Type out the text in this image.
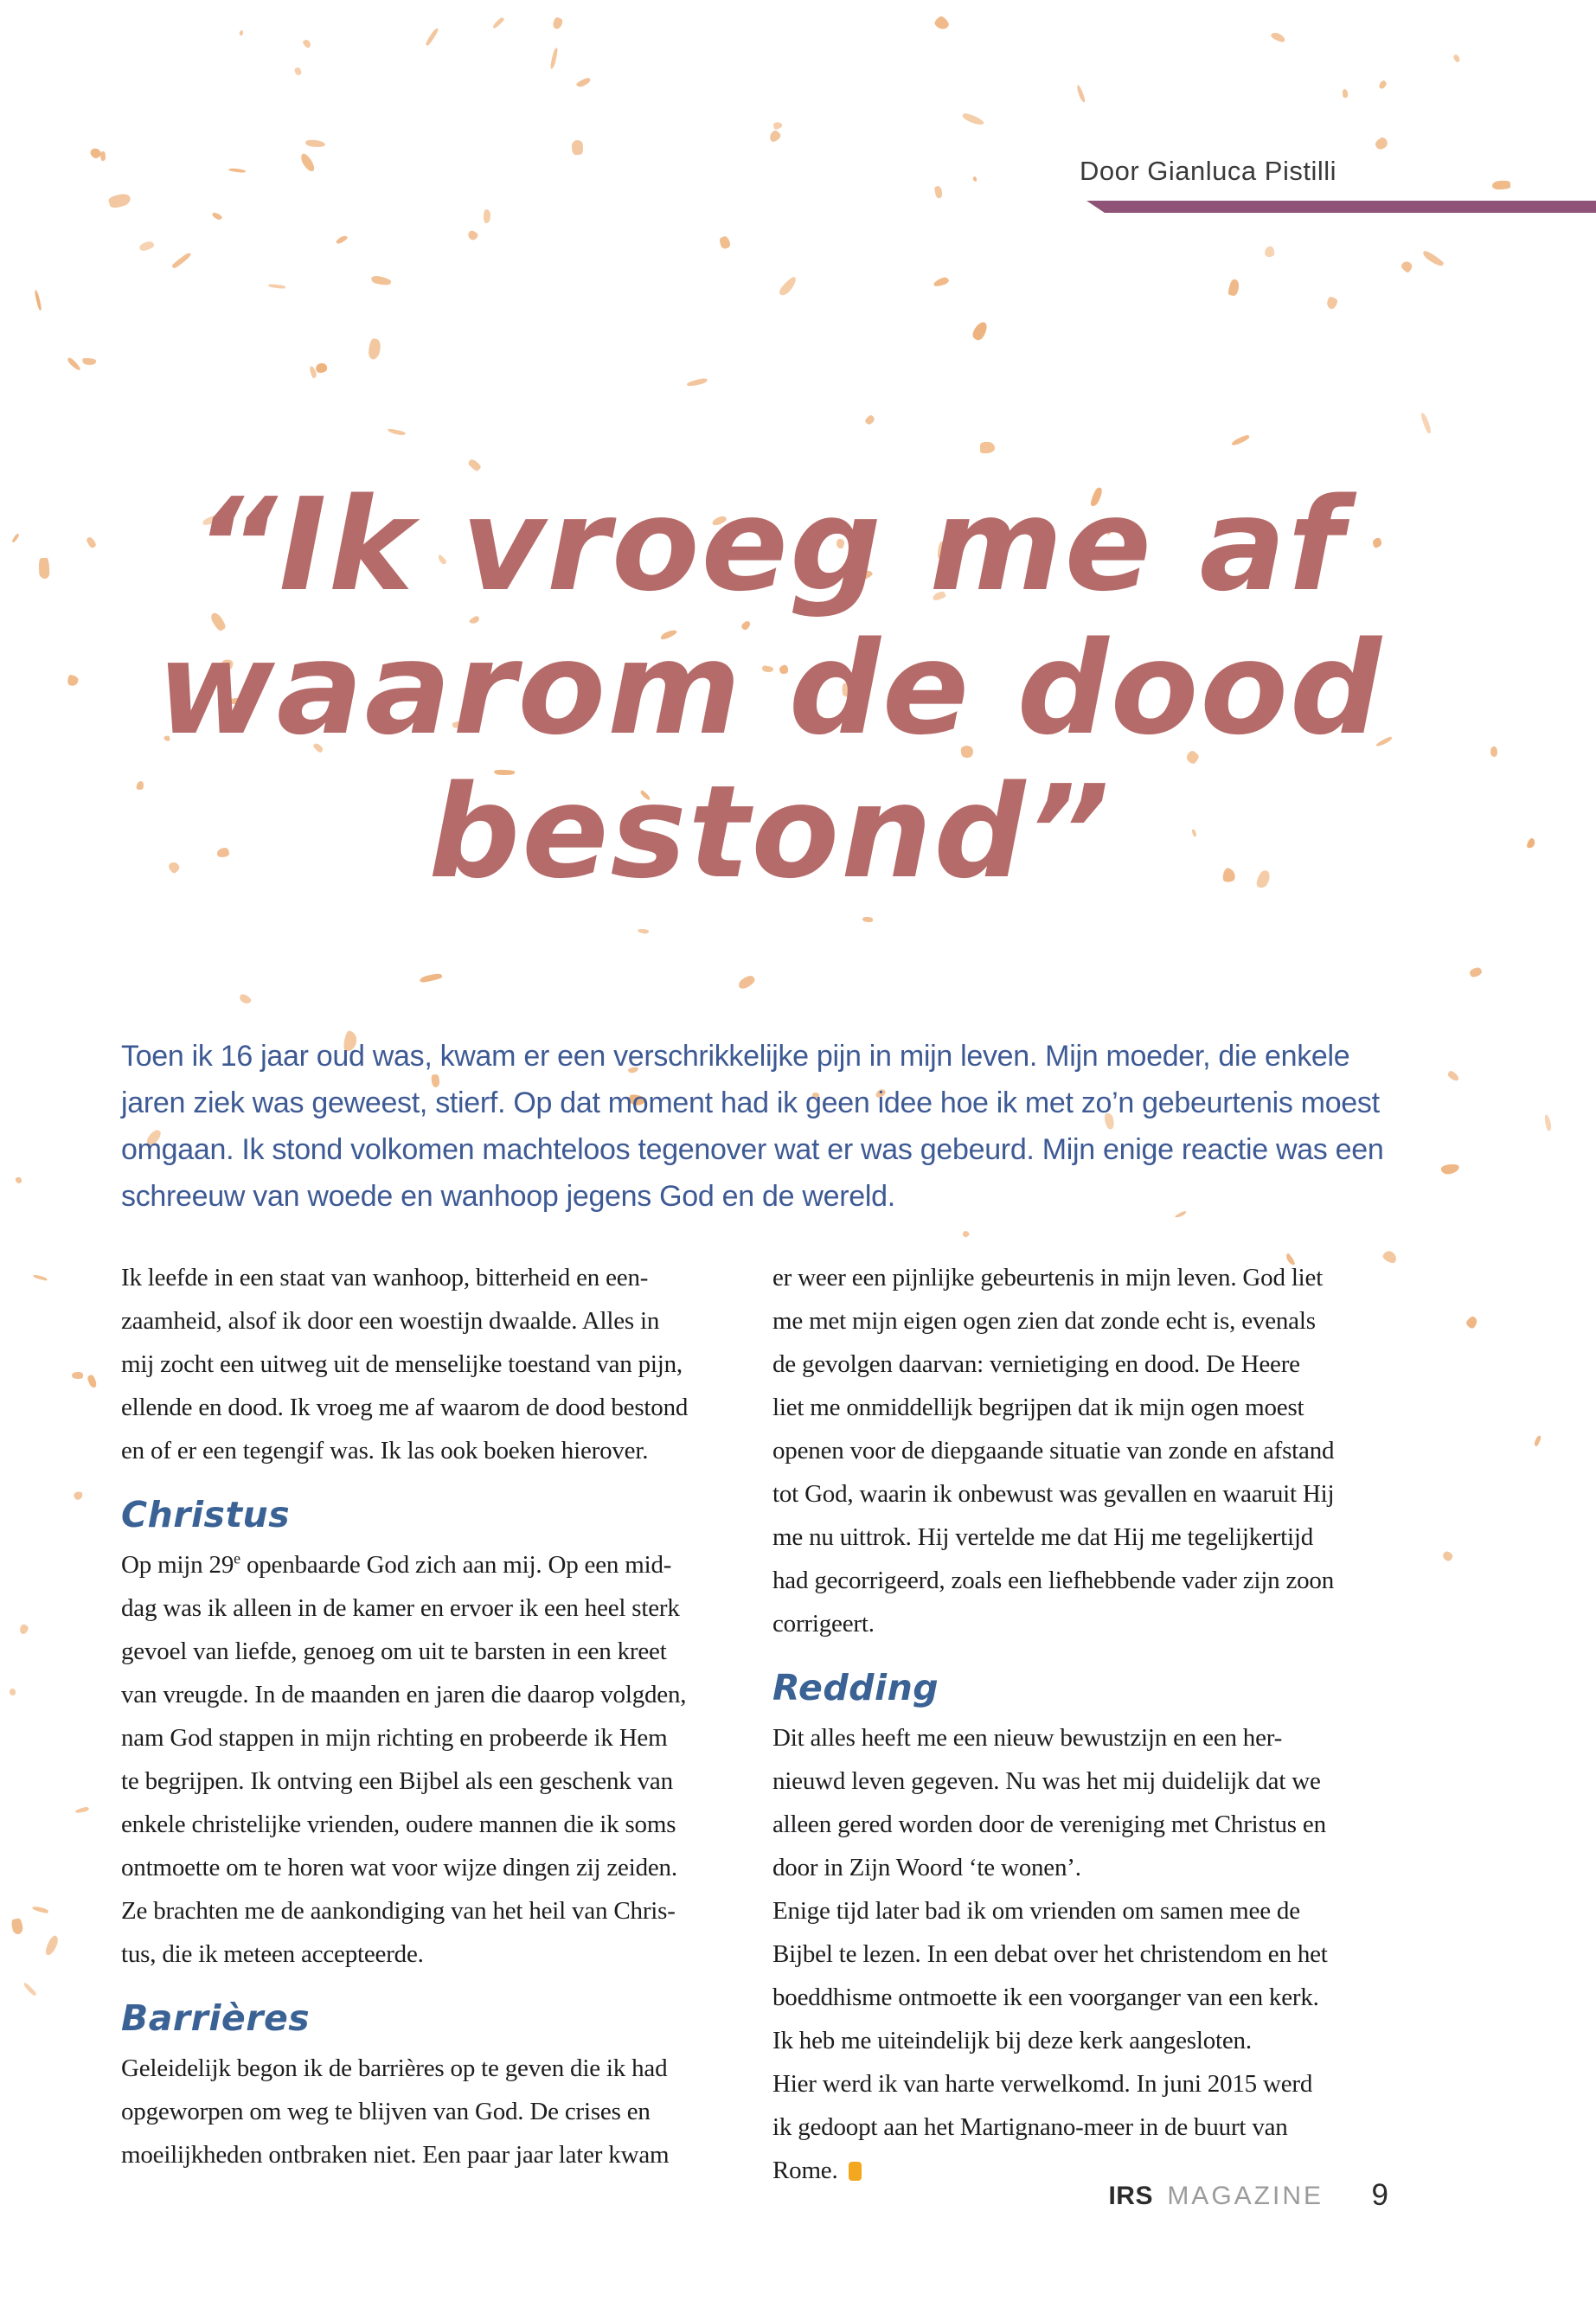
Door Gianluca Pistilli
“Ik vroeg me af
waarom de dood
bestond”

Toen ik 16 jaar oud was, kwam er een verschrikkelijke pijn in mijn leven. Mijn moeder, die enkele
jaren ziek was geweest, stierf. Op dat moment had ik geen idee hoe ik met zo’n gebeurtenis moest
omgaan. Ik stond volkomen machteloos tegenover wat er was gebeurd. Mijn enige reactie was een
schreeuw van woede en wanhoop jegens God en de wereld.

Ik leefde in een staat van wanhoop, bitterheid en een-
zaamheid, alsof ik door een woestijn dwaalde. Alles in
mij zocht een uitweg uit de menselijke toestand van pijn,
ellende en dood. Ik vroeg me af waarom de dood bestond
en of er een tegengif was. Ik las ook boeken hierover.

Christus

Op mijn 29e openbaarde God zich aan mij. Op een mid-
dag was ik alleen in de kamer en ervoer ik een heel sterk
gevoel van liefde, genoeg om uit te barsten in een kreet
van vreugde. In de maanden en jaren die daarop volgden,
nam God stappen in mijn richting en probeerde ik Hem
te begrijpen. Ik ontving een Bijbel als een geschenk van
enkele christelijke vrienden, oudere mannen die ik soms
ontmoette om te horen wat voor wijze dingen zij zeiden.
Ze brachten me de aankondiging van het heil van Chris-
tus, die ik meteen accepteerde.

Barrières

Geleidelijk begon ik de barrières op te geven die ik had
opgeworpen om weg te blijven van God. De crises en
moeilijkheden ontbraken niet. Een paar jaar later kwam

er weer een pijnlijke gebeurtenis in mijn leven. God liet
me met mijn eigen ogen zien dat zonde echt is, evenals
de gevolgen daarvan: vernietiging en dood. De Heere
liet me onmiddellijk begrijpen dat ik mijn ogen moest
openen voor de diepgaande situatie van zonde en afstand
tot God, waarin ik onbewust was gevallen en waaruit Hij
me nu uittrok. Hij vertelde me dat Hij me tegelijkertijd
had gecorrigeerd, zoals een liefhebbende vader zijn zoon
corrigeert.

Redding

Dit alles heeft me een nieuw bewustzijn en een her-
nieuwd leven gegeven. Nu was het mij duidelijk dat we
alleen gered worden door de vereniging met Christus en
door in Zijn Woord ‘te wonen’.
Enige tijd later bad ik om vrienden om samen mee de
Bijbel te lezen. In een debat over het christendom en het
boeddhisme ontmoette ik een voorganger van een kerk.
Ik heb me uiteindelijk bij deze kerk aangesloten.
Hier werd ik van harte verwelkomd. In juni 2015 werd
ik gedoopt aan het Martignano-meer in de buurt van
Rome.

IRS MAGAZINE 9
